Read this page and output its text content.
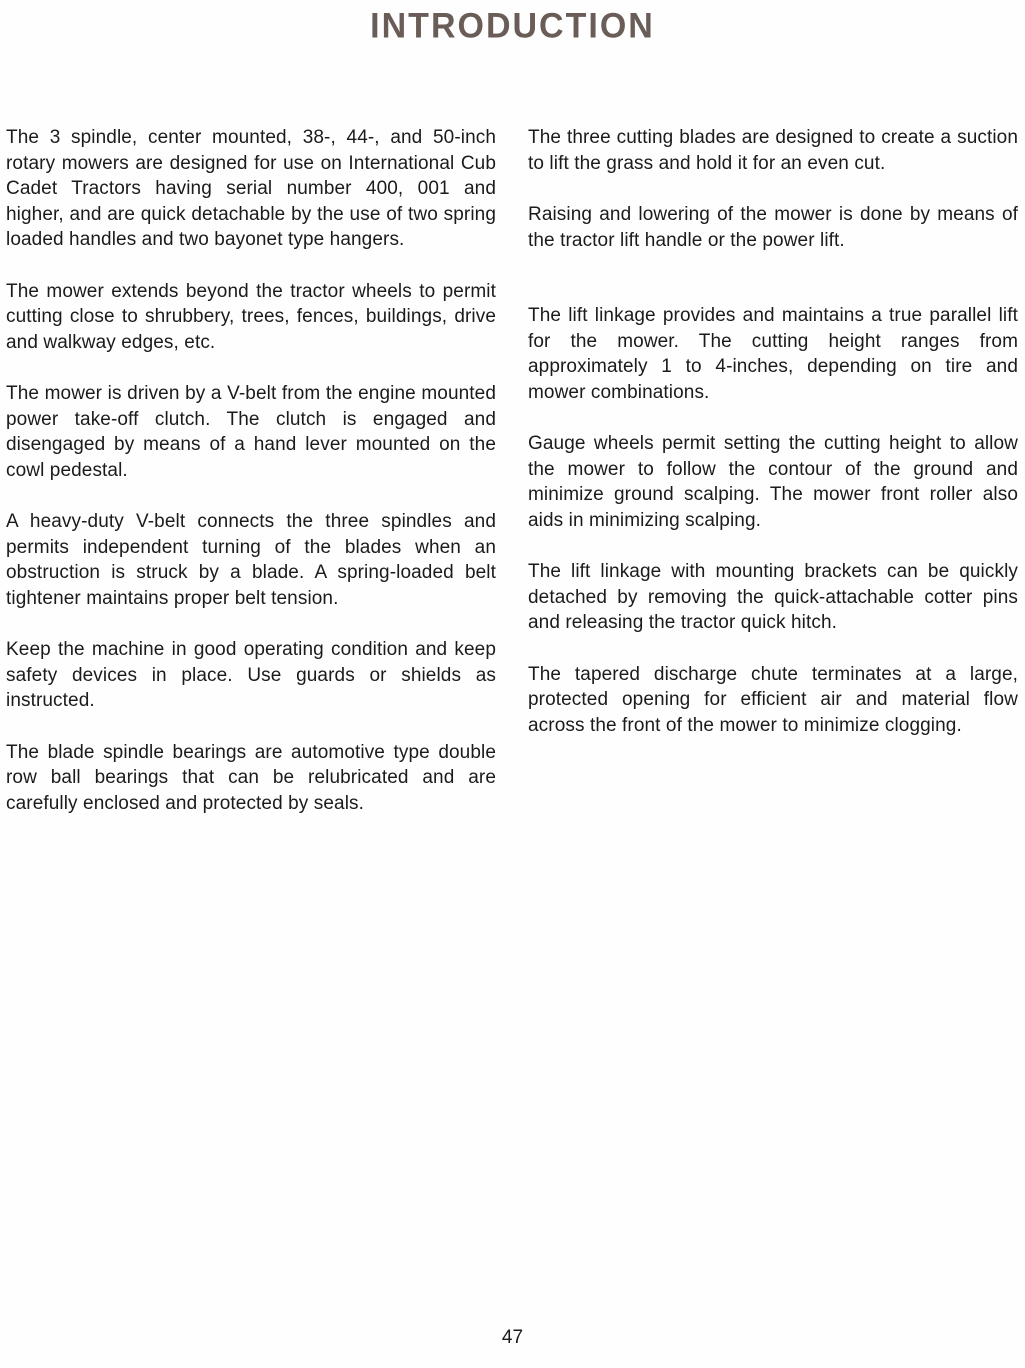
INTRODUCTION

The 3 spindle, center mounted, 38-, 44-, and 50-inch rotary mowers are designed for use on International Cub Cadet Tractors having serial number 400, 001 and higher, and are quick detachable by the use of two spring loaded handles and two bayonet type hangers.

The mower extends beyond the tractor wheels to permit cutting close to shrubbery, trees, fences, buildings, drive and walkway edges, etc.

The mower is driven by a V-belt from the engine mounted power take-off clutch. The clutch is engaged and disengaged by means of a hand lever mounted on the cowl pedestal.

A heavy-duty V-belt connects the three spindles and permits independent turning of the blades when an obstruction is struck by a blade. A spring-loaded belt tightener maintains proper belt tension.

Keep the machine in good operating condition and keep safety devices in place. Use guards or shields as instructed.

The blade spindle bearings are automotive type double row ball bearings that can be relubricated and are carefully enclosed and protected by seals.

The three cutting blades are designed to create a suction to lift the grass and hold it for an even cut.

Raising and lowering of the mower is done by means of the tractor lift handle or the power lift.

The lift linkage provides and maintains a true parallel lift for the mower. The cutting height ranges from approximately 1 to 4-inches, depending on tire and mower combinations.

Gauge wheels permit setting the cutting height to allow the mower to follow the contour of the ground and minimize ground scalping. The mower front roller also aids in minimizing scalping.

The lift linkage with mounting brackets can be quickly detached by removing the quick-attachable cotter pins and releasing the tractor quick hitch.

The tapered discharge chute terminates at a large, protected opening for efficient air and material flow across the front of the mower to minimize clogging.

47
